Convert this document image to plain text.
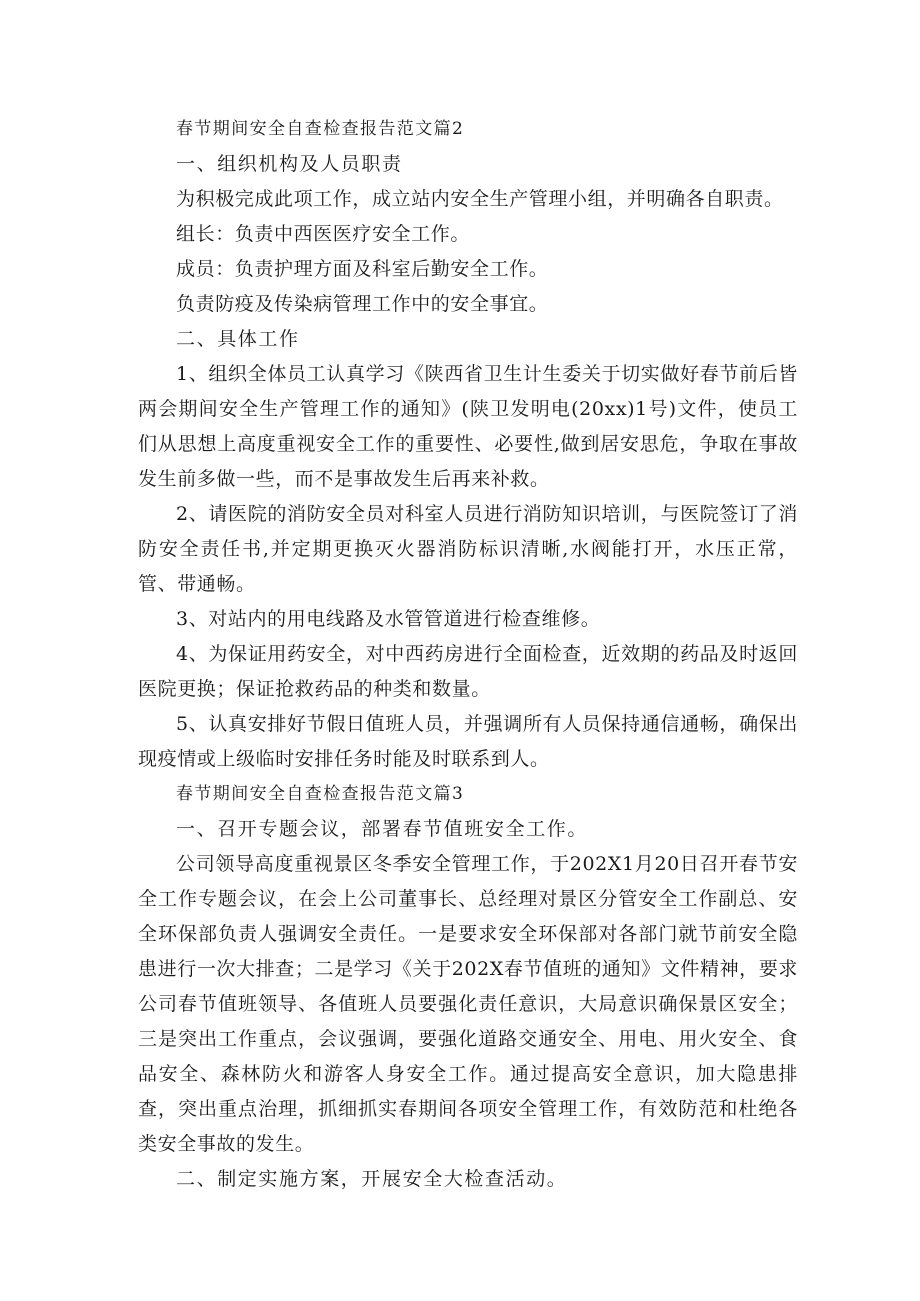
春节期间安全自查检查报告范文篇2

一、组织机构及人员职责

为积极完成此项工作，成立站内安全生产管理小组，并明确各自职责。

组长：负责中西医医疗安全工作。

成员：负责护理方面及科室后勤安全工作。

负责防疫及传染病管理工作中的安全事宜。

二、具体工作

1、组织全体员工认真学习《陕西省卫生计生委关于切实做好春节前后皆两会期间安全生产管理工作的通知》(陕卫发明电(20xx)1号)文件，使员工们从思想上高度重视安全工作的重要性、必要性,做到居安思危，争取在事故发生前多做一些，而不是事故发生后再来补救。

2、请医院的消防安全员对科室人员进行消防知识培训，与医院签订了消防安全责任书,并定期更换灭火器消防标识清晰,水阀能打开，水压正常，管、带通畅。

3、对站内的用电线路及水管管道进行检查维修。

4、为保证用药安全，对中西药房进行全面检查，近效期的药品及时返回医院更换；保证抢救药品的种类和数量。

5、认真安排好节假日值班人员，并强调所有人员保持通信通畅，确保出现疫情或上级临时安排任务时能及时联系到人。

春节期间安全自查检查报告范文篇3

一、召开专题会议，部署春节值班安全工作。

公司领导高度重视景区冬季安全管理工作，于202X1月20日召开春节安全工作专题会议，在会上公司董事长、总经理对景区分管安全工作副总、安全环保部负责人强调安全责任。一是要求安全环保部对各部门就节前安全隐患进行一次大排查；二是学习《关于202X春节值班的通知》文件精神，要求公司春节值班领导、各值班人员要强化责任意识，大局意识确保景区安全；三是突出工作重点，会议强调，要强化道路交通安全、用电、用火安全、食品安全、森林防火和游客人身安全工作。通过提高安全意识，加大隐患排查，突出重点治理，抓细抓实春期间各项安全管理工作，有效防范和杜绝各类安全事故的发生。

二、制定实施方案，开展安全大检查活动。
